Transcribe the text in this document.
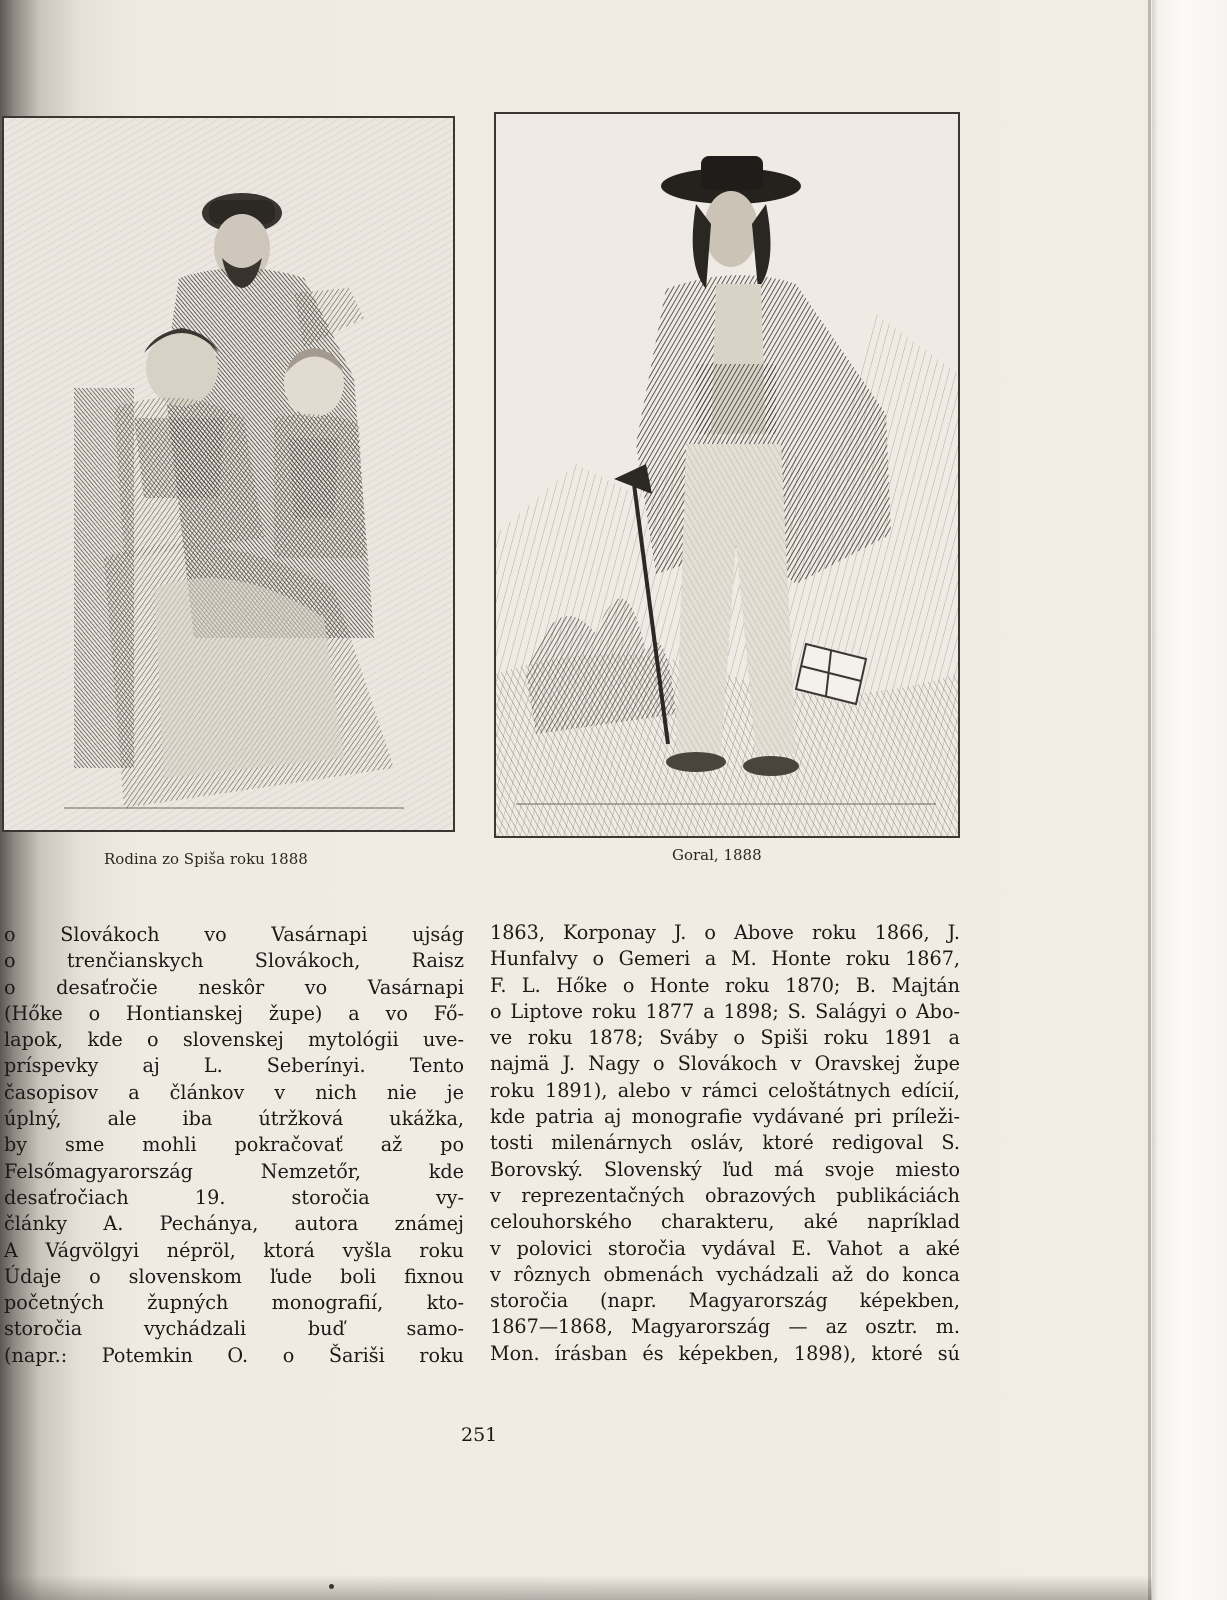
Rodina zo Spiša roku 1888	Goral, 1888
o Slovákoch vo Vasárnapi ujság
o trenčianskych Slovákoch, Raisz
o desaťročie neskôr vo Vasárnapi
(Hőke o Hontianskej župe) a vo Fő-
lapok, kde o slovenskej mytológii uve-
príspevky aj L. Seberínyi. Tento
časopisov a článkov v nich nie je
úplný, ale iba útržková ukážka,
by sme mohli pokračovať až po
Felsőmagyarország Nemzetőr, kde
desaťročiach 19. storočia vy-
články A. Pechánya, autora známej
A Vágvölgyi népröl, ktorá vyšla roku
Údaje o slovenskom ľude boli fixnou
početných župných monografií, kto-
storočia vychádzali buď samo-
(napr.: Potemkin O. o Šariši roku
1863, Korponay J. o Above roku 1866, J.
Hunfalvy o Gemeri a M. Honte roku 1867,
F. L. Hőke o Honte roku 1870; B. Majtán
o Liptove roku 1877 a 1898; S. Salágyi o Abo-
ve roku 1878; Sváby o Spiši roku 1891 a
najmä J. Nagy o Slovákoch v Oravskej župe
roku 1891), alebo v rámci celoštátnych edícií,
kde patria aj monografie vydávané pri príleži-
tosti milenárnych osláv, ktoré redigoval S.
Borovský. Slovenský ľud má svoje miesto
v reprezentačných obrazových publikáciách
celouhorského charakteru, aké napríklad
v polovici storočia vydával E. Vahot a aké
v rôznych obmenách vychádzali až do konca
storočia (napr. Magyarország képekben,
1867—1868, Magyarország — az osztr. m.
Mon. írásban és képekben, 1898), ktoré sú
251
